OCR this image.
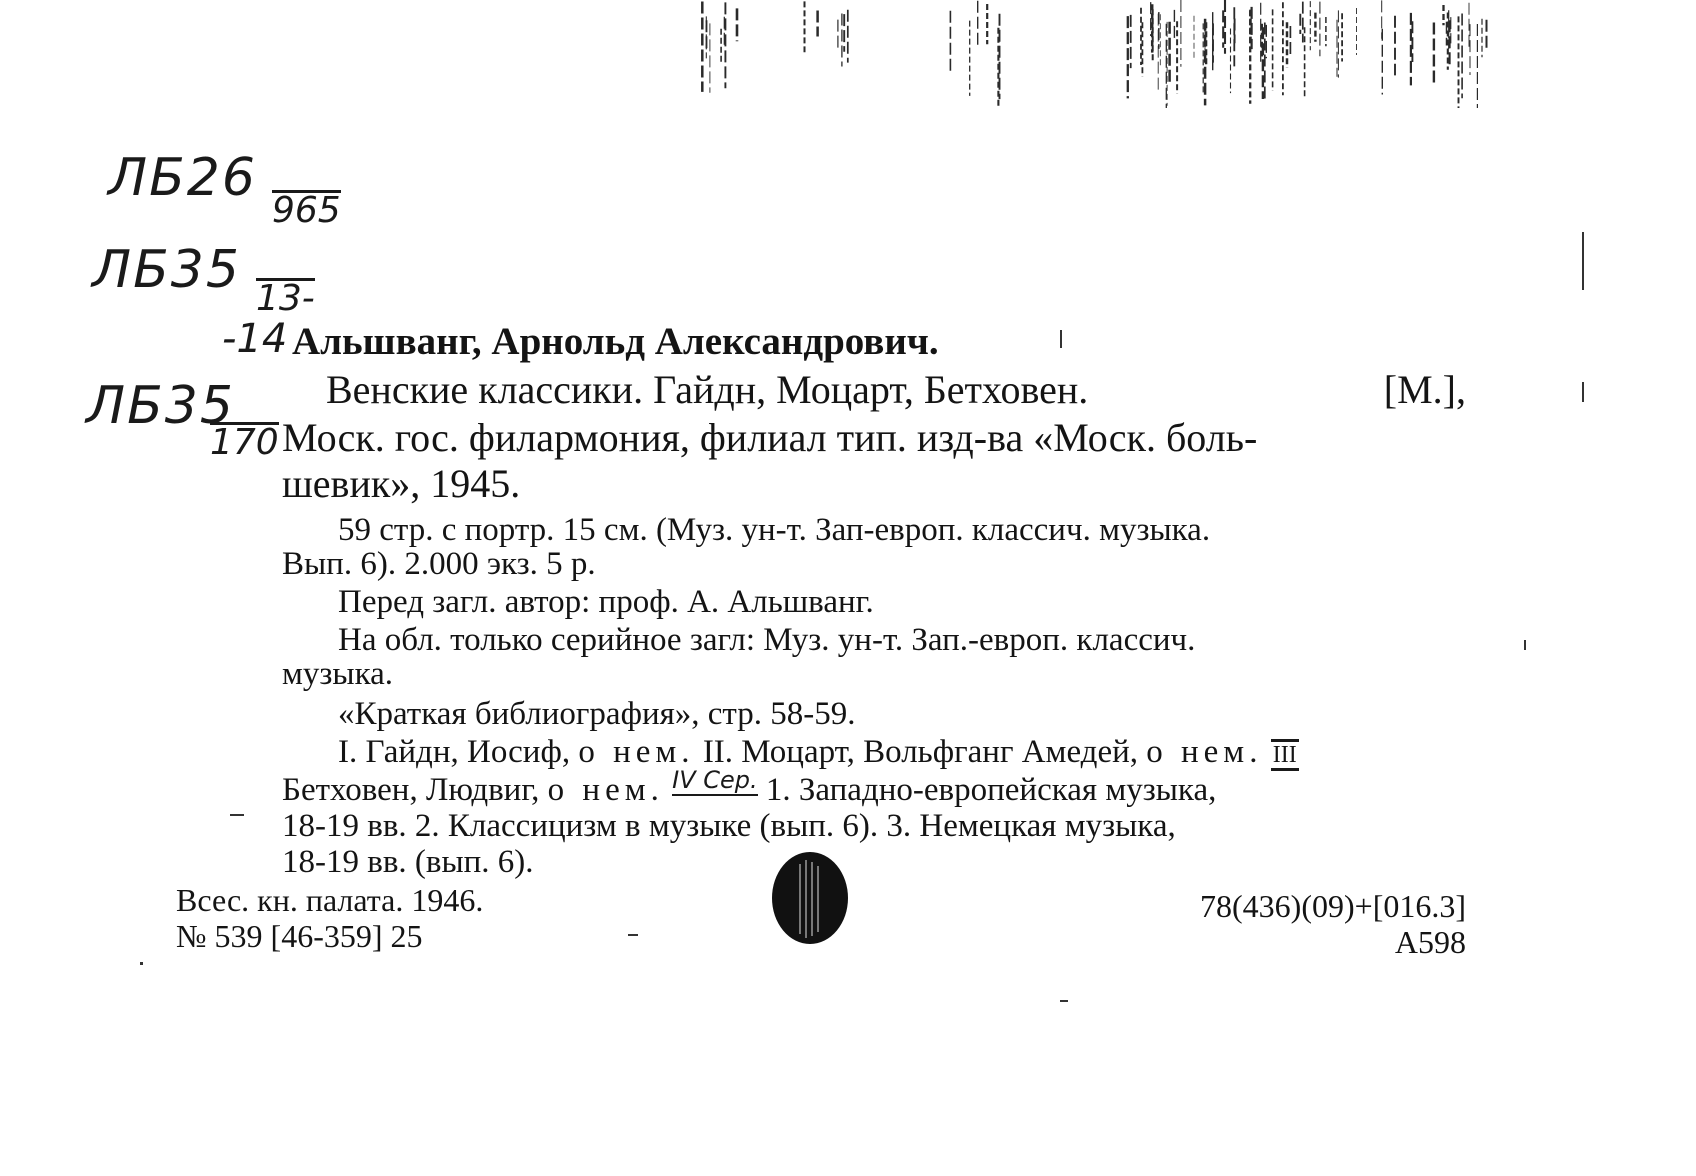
ЛБ26
965
ЛБ35 13-
-14
ЛБ35
170
Альшванг, Арнольд Александрович.
Венские классики. Гайдн, Моцарт, Бетховен.	[М.],
Моск. гос. филармония, филиал тип. изд-ва «Моск. боль-
шевик», 1945.
59 стр. с портр. 15 см. (Муз. ун-т. Зап-европ. классич. музыка.
Вып. 6). 2.000 экз. 5 р.
Перед загл. автор: проф. А. Альшванг.
На обл. только серийное загл: Муз. ун-т. Зап.-европ. классич.
музыка.
«Краткая библиография», стр. 58-59.
I. Гайдн, Иосиф, о нем. II. Моцарт, Вольфганг Амедей, о нем. III
Бетховен, Людвиг, о нем. $^{IV Сер.}$ 1. Западно-европейская музыка,
18-19 вв. 2. Классицизм в музыке (вып. 6). 3. Немецкая музыка,
18-19 вв. (вып. 6).
Всес. кн. палата. 1946.
№ 539 [46-359] 25
78(436)(09)+[016.3]
А598
